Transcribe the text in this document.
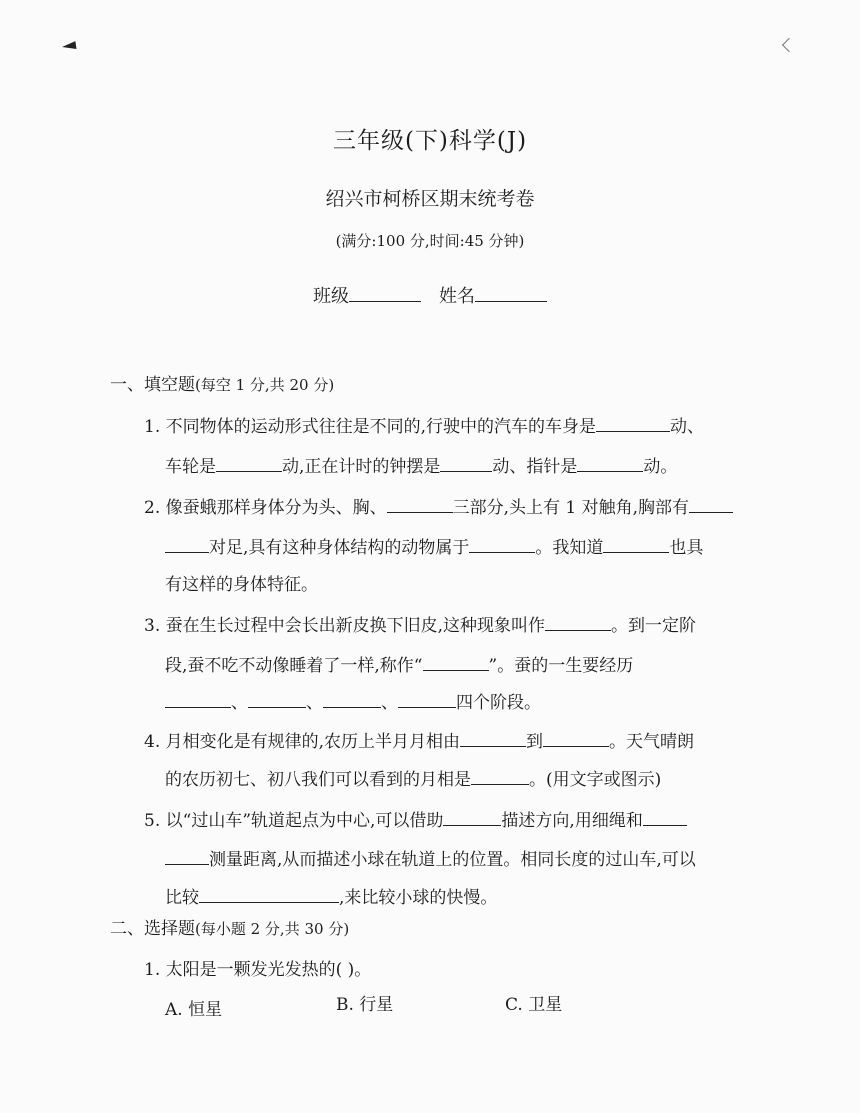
三年级(下)科学(J)
绍兴市柯桥区期末统考卷
(满分:100 分,时间:45 分钟)
班级	姓名
一、填空题(每空 1 分,共 20 分)
1. 不同物体的运动形式往往是不同的,行驶中的汽车的车身是	动、
车轮是	动,正在计时的钟摆是	动、指针是	动。
2. 像蚕蛾那样身体分为头、胸、	三部分,头上有 1 对触角,胸部有
对足,具有这种身体结构的动物属于	。我知道	也具
有这样的身体特征。
3. 蚕在生长过程中会长出新皮换下旧皮,这种现象叫作	。到一定阶
段,蚕不吃不动像睡着了一样,称作“	”。蚕的一生要经历
、	、	、	四个阶段。
4. 月相变化是有规律的,农历上半月月相由	到	。天气晴朗
的农历初七、初八我们可以看到的月相是	。(用文字或图示)
5. 以“过山车”轨道起点为中心,可以借助	描述方向,用细绳和
测量距离,从而描述小球在轨道上的位置。相同长度的过山车,可以
比较	,来比较小球的快慢。
二、选择题(每小题 2 分,共 30 分)
1. 太阳是一颗发光发热的( )。
A. 恒星	B. 行星	C. 卫星
